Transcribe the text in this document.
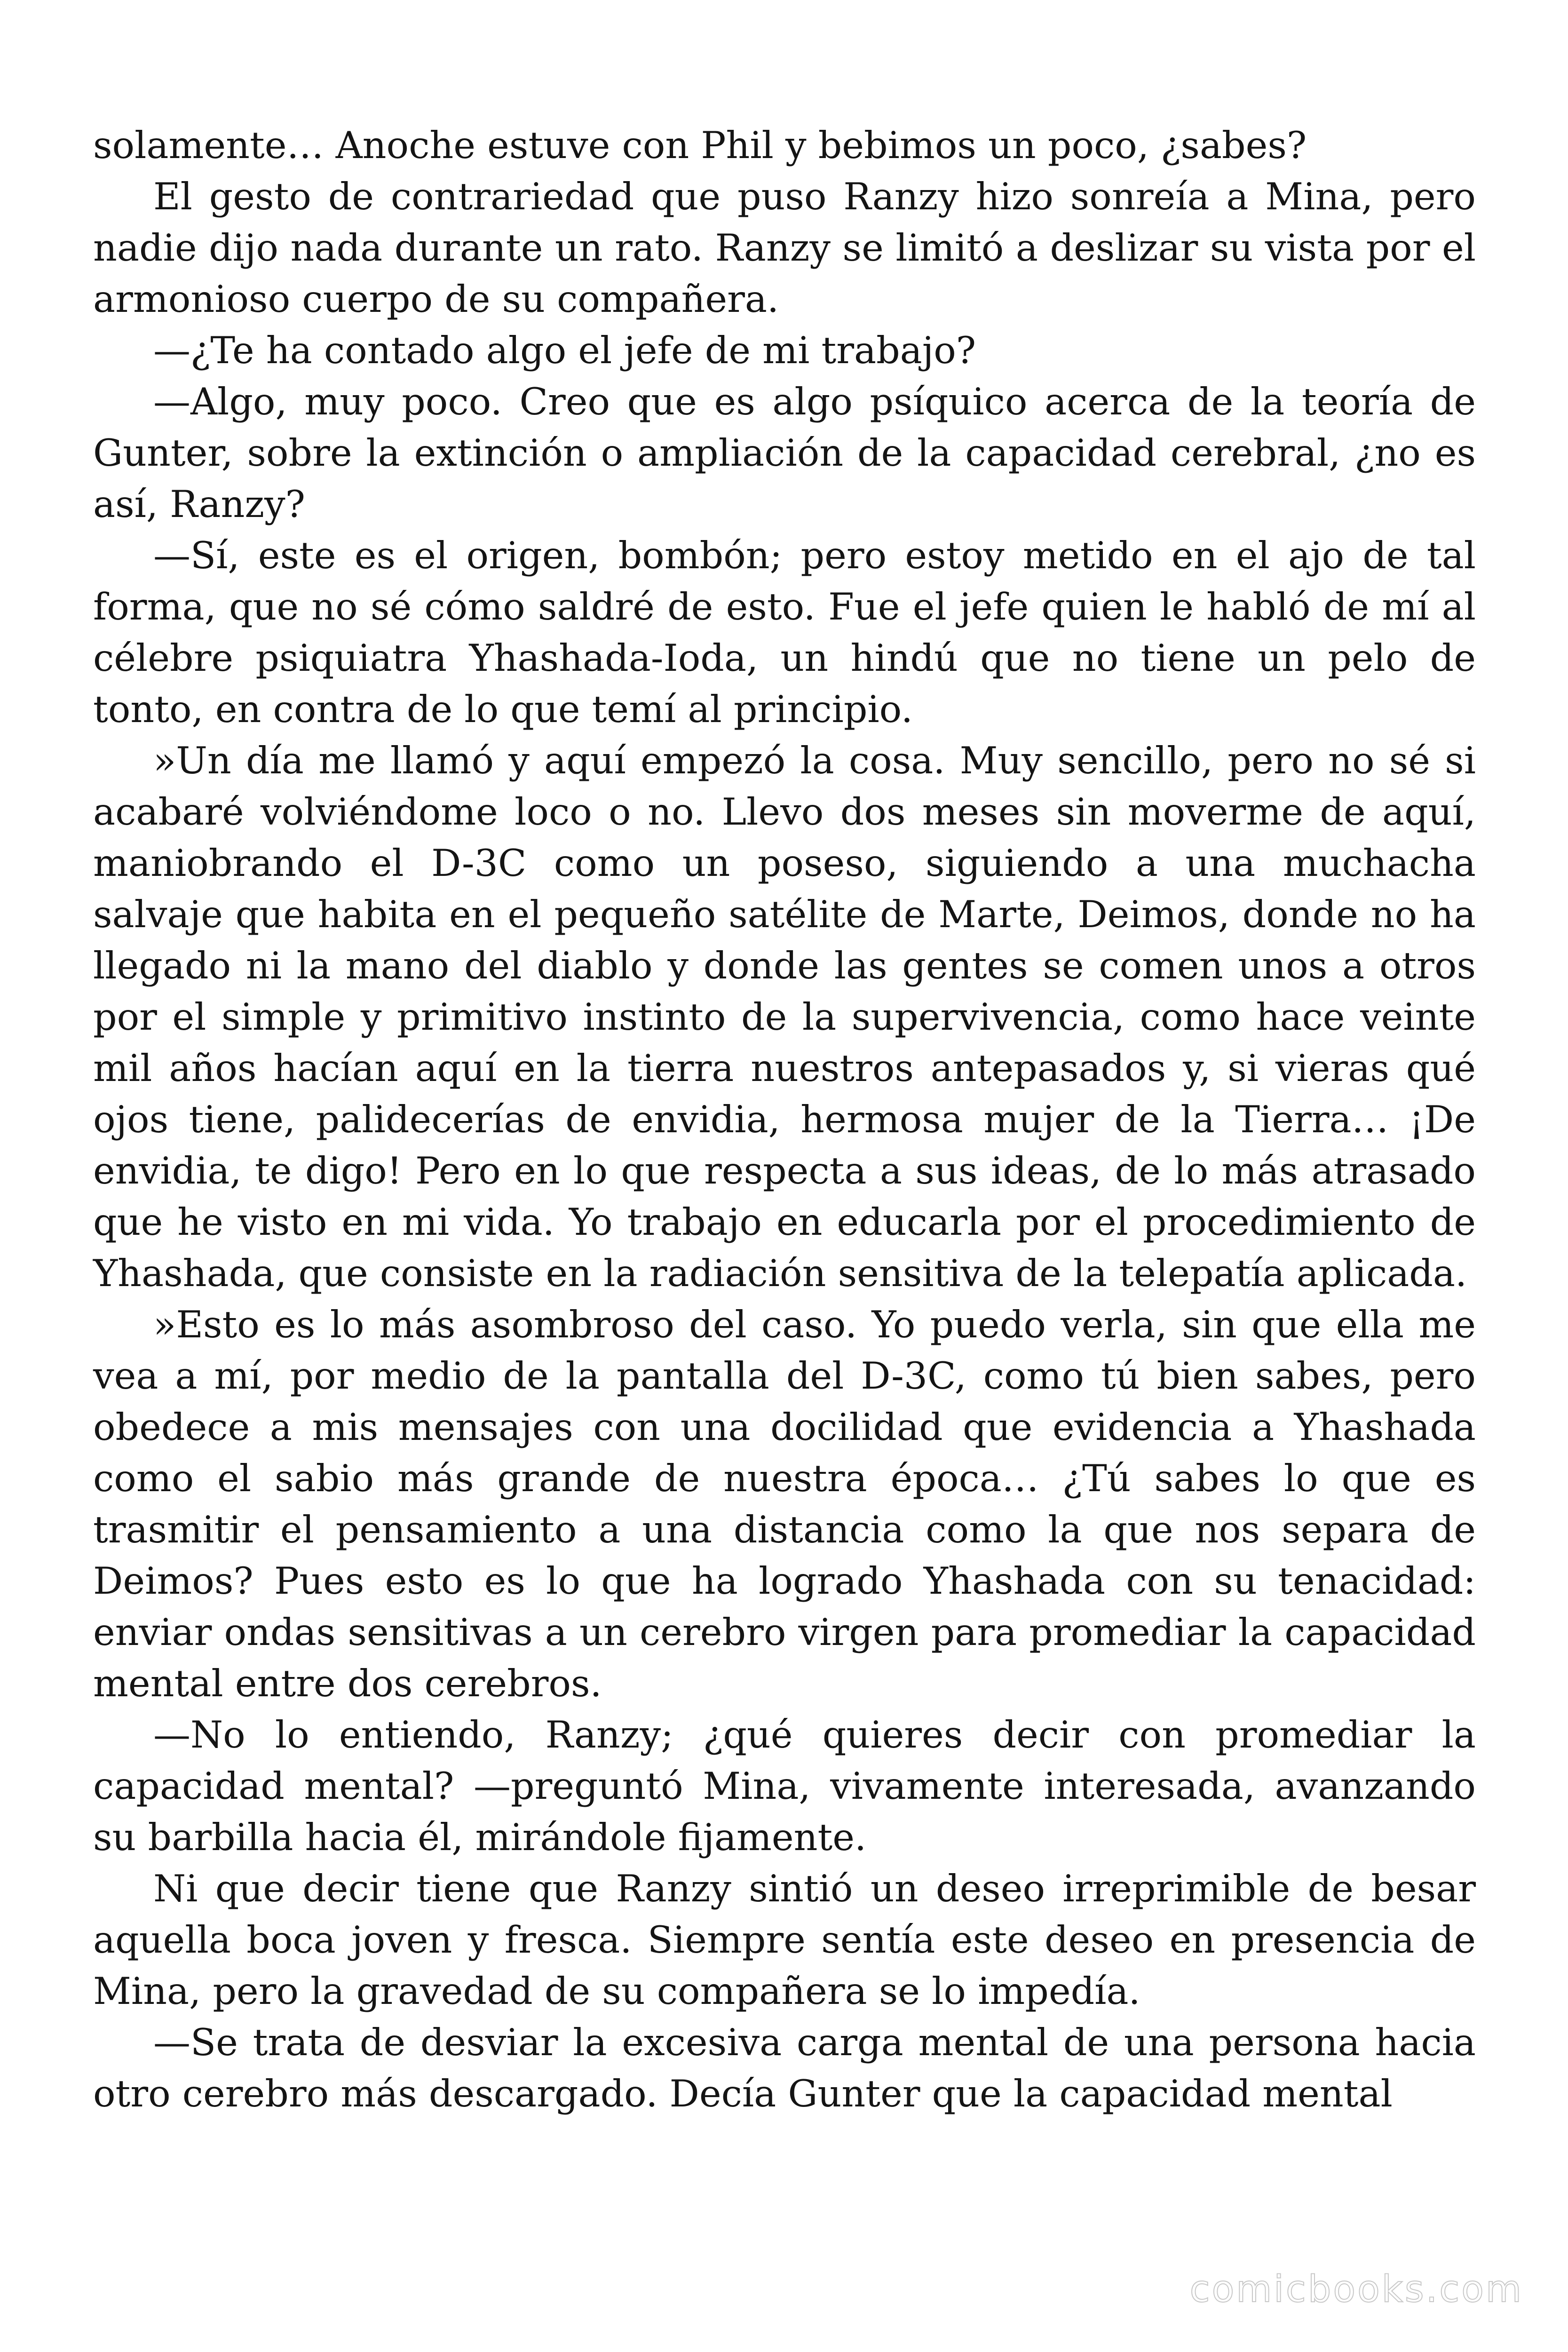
solamente… Anoche estuve con Phil y bebimos un poco, ¿sabes?

El gesto de contrariedad que puso Ranzy hizo sonreía a Mina, pero nadie dijo nada durante un rato. Ranzy se limitó a deslizar su vista por el armonioso cuerpo de su compañera.

—¿Te ha contado algo el jefe de mi trabajo?

—Algo, muy poco. Creo que es algo psíquico acerca de la teoría de Gunter, sobre la extinción o ampliación de la capacidad cerebral, ¿no es así, Ranzy?

—Sí, este es el origen, bombón; pero estoy metido en el ajo de tal forma, que no sé cómo saldré de esto. Fue el jefe quien le habló de mí al célebre psiquiatra Yhashada-Ioda, un hindú que no tiene un pelo de tonto, en contra de lo que temí al principio.

»Un día me llamó y aquí empezó la cosa. Muy sencillo, pero no sé si acabaré volviéndome loco o no. Llevo dos meses sin moverme de aquí, maniobrando el D-3C como un poseso, siguiendo a una muchacha salvaje que habita en el pequeño satélite de Marte, Deimos, donde no ha llegado ni la mano del diablo y donde las gentes se comen unos a otros por el simple y primitivo instinto de la supervivencia, como hace veinte mil años hacían aquí en la tierra nuestros antepasados y, si vieras qué ojos tiene, palidecerías de envidia, hermosa mujer de la Tierra… ¡De envidia, te digo! Pero en lo que respecta a sus ideas, de lo más atrasado que he visto en mi vida. Yo trabajo en educarla por el procedimiento de Yhashada, que consiste en la radiación sensitiva de la telepatía aplicada.

»Esto es lo más asombroso del caso. Yo puedo verla, sin que ella me vea a mí, por medio de la pantalla del D-3C, como tú bien sabes, pero obedece a mis mensajes con una docilidad que evidencia a Yhashada como el sabio más grande de nuestra época… ¿Tú sabes lo que es trasmitir el pensamiento a una distancia como la que nos separa de Deimos? Pues esto es lo que ha logrado Yhashada con su tenacidad: enviar ondas sensitivas a un cerebro virgen para promediar la capacidad mental entre dos cerebros.

—No lo entiendo, Ranzy; ¿qué quieres decir con promediar la capacidad mental? —preguntó Mina, vivamente interesada, avanzando su barbilla hacia él, mirándole fijamente.

Ni que decir tiene que Ranzy sintió un deseo irreprimible de besar aquella boca joven y fresca. Siempre sentía este deseo en presencia de Mina, pero la gravedad de su compañera se lo impedía.

—Se trata de desviar la excesiva carga mental de una persona hacia otro cerebro más descargado. Decía Gunter que la capacidad mental

comicbooks.com
